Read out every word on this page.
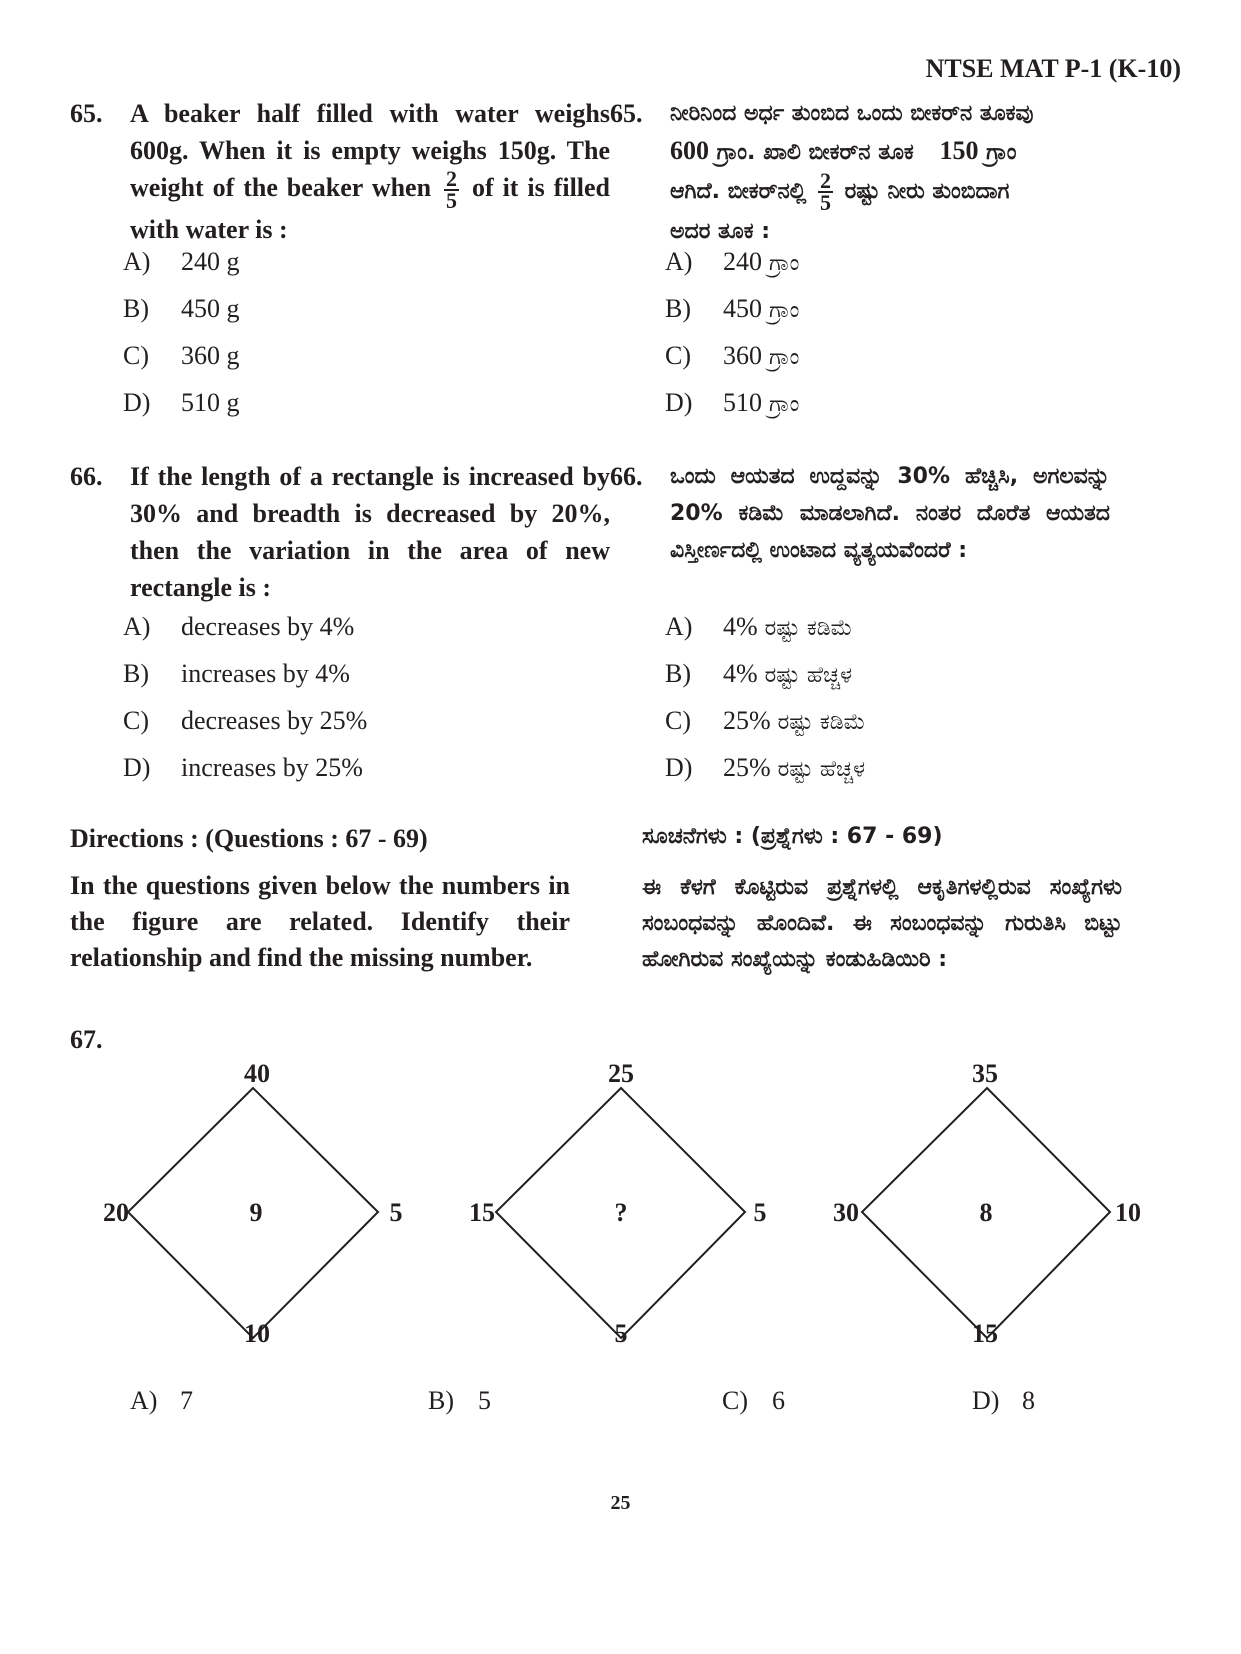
NTSE MAT P-1 (K-10)
65. A beaker half filled with water weighs 600g. When it is empty weighs 150g. The weight of the beaker when $\frac{2}{5}$ of it is filled with water is :
A) 240 g
B) 450 g
C) 360 g
D) 510 g
65. ನೀರಿನಿಂದ ಅರ್ಧ ತುಂಬಿದ ಒಂದು ಬೀಕರ್‌ನ ತೂಕವು
600 ಗ್ರಾಂ. ಖಾಲಿ ಬೀಕರ್‌ನ ತೂಕ 150 ಗ್ರಾಂ
ಆಗಿದೆ. ಬೀಕರ್‌ನಲ್ಲಿ $\frac{2}{5}$ ರಷ್ಟು ನೀರು ತುಂಬಿದಾಗ
ಅದರ ತೂಕ :
A) 240 ಗ್ರಾಂ
B) 450 ಗ್ರಾಂ
C) 360 ಗ್ರಾಂ
D) 510 ಗ್ರಾಂ
66. If the length of a rectangle is increased by 30% and breadth is decreased by 20%, then the variation in the area of new rectangle is :
A) decreases by 4%
B) increases by 4%
C) decreases by 25%
D) increases by 25%
66. ಒಂದು ಆಯತದ ಉದ್ದವನ್ನು 30% ಹೆಚ್ಚಿಸಿ, ಅಗಲವನ್ನು 20% ಕಡಿಮೆ ಮಾಡಲಾಗಿದೆ. ನಂತರ ದೊರೆತ ಆಯತದ ವಿಸ್ತೀರ್ಣದಲ್ಲಿ ಉಂಟಾದ ವ್ಯತ್ಯಯವೆಂದರೆ :
A) 4% ರಷ್ಟು ಕಡಿಮೆ
B) 4% ರಷ್ಟು ಹೆಚ್ಚಳ
C) 25% ರಷ್ಟು ಕಡಿಮೆ
D) 25% ರಷ್ಟು ಹೆಚ್ಚಳ
Directions : (Questions : 67 - 69)
In the questions given below the numbers in the figure are related. Identify their relationship and find the missing number.
ಸೂಚನೆಗಳು : (ಪ್ರಶ್ನೆಗಳು : 67 - 69)
ಈ ಕೆಳಗೆ ಕೊಟ್ಟಿರುವ ಪ್ರಶ್ನೆಗಳಲ್ಲಿ ಆಕೃತಿಗಳಲ್ಲಿರುವ ಸಂಖ್ಯೆಗಳು ಸಂಬಂಧವನ್ನು ಹೊಂದಿವೆ. ಈ ಸಂಬಂಧವನ್ನು ಗುರುತಿಸಿ ಬಿಟ್ಟು ಹೋಗಿರುವ ಸಂಖ್ಯೆಯನ್ನು ಕಂಡುಹಿಡಿಯಿರಿ :
67.
40
20	5
10
9
25
15	5
5
?
35
30	10
15
8
A) 7	B) 5	C) 6	D) 8
25
